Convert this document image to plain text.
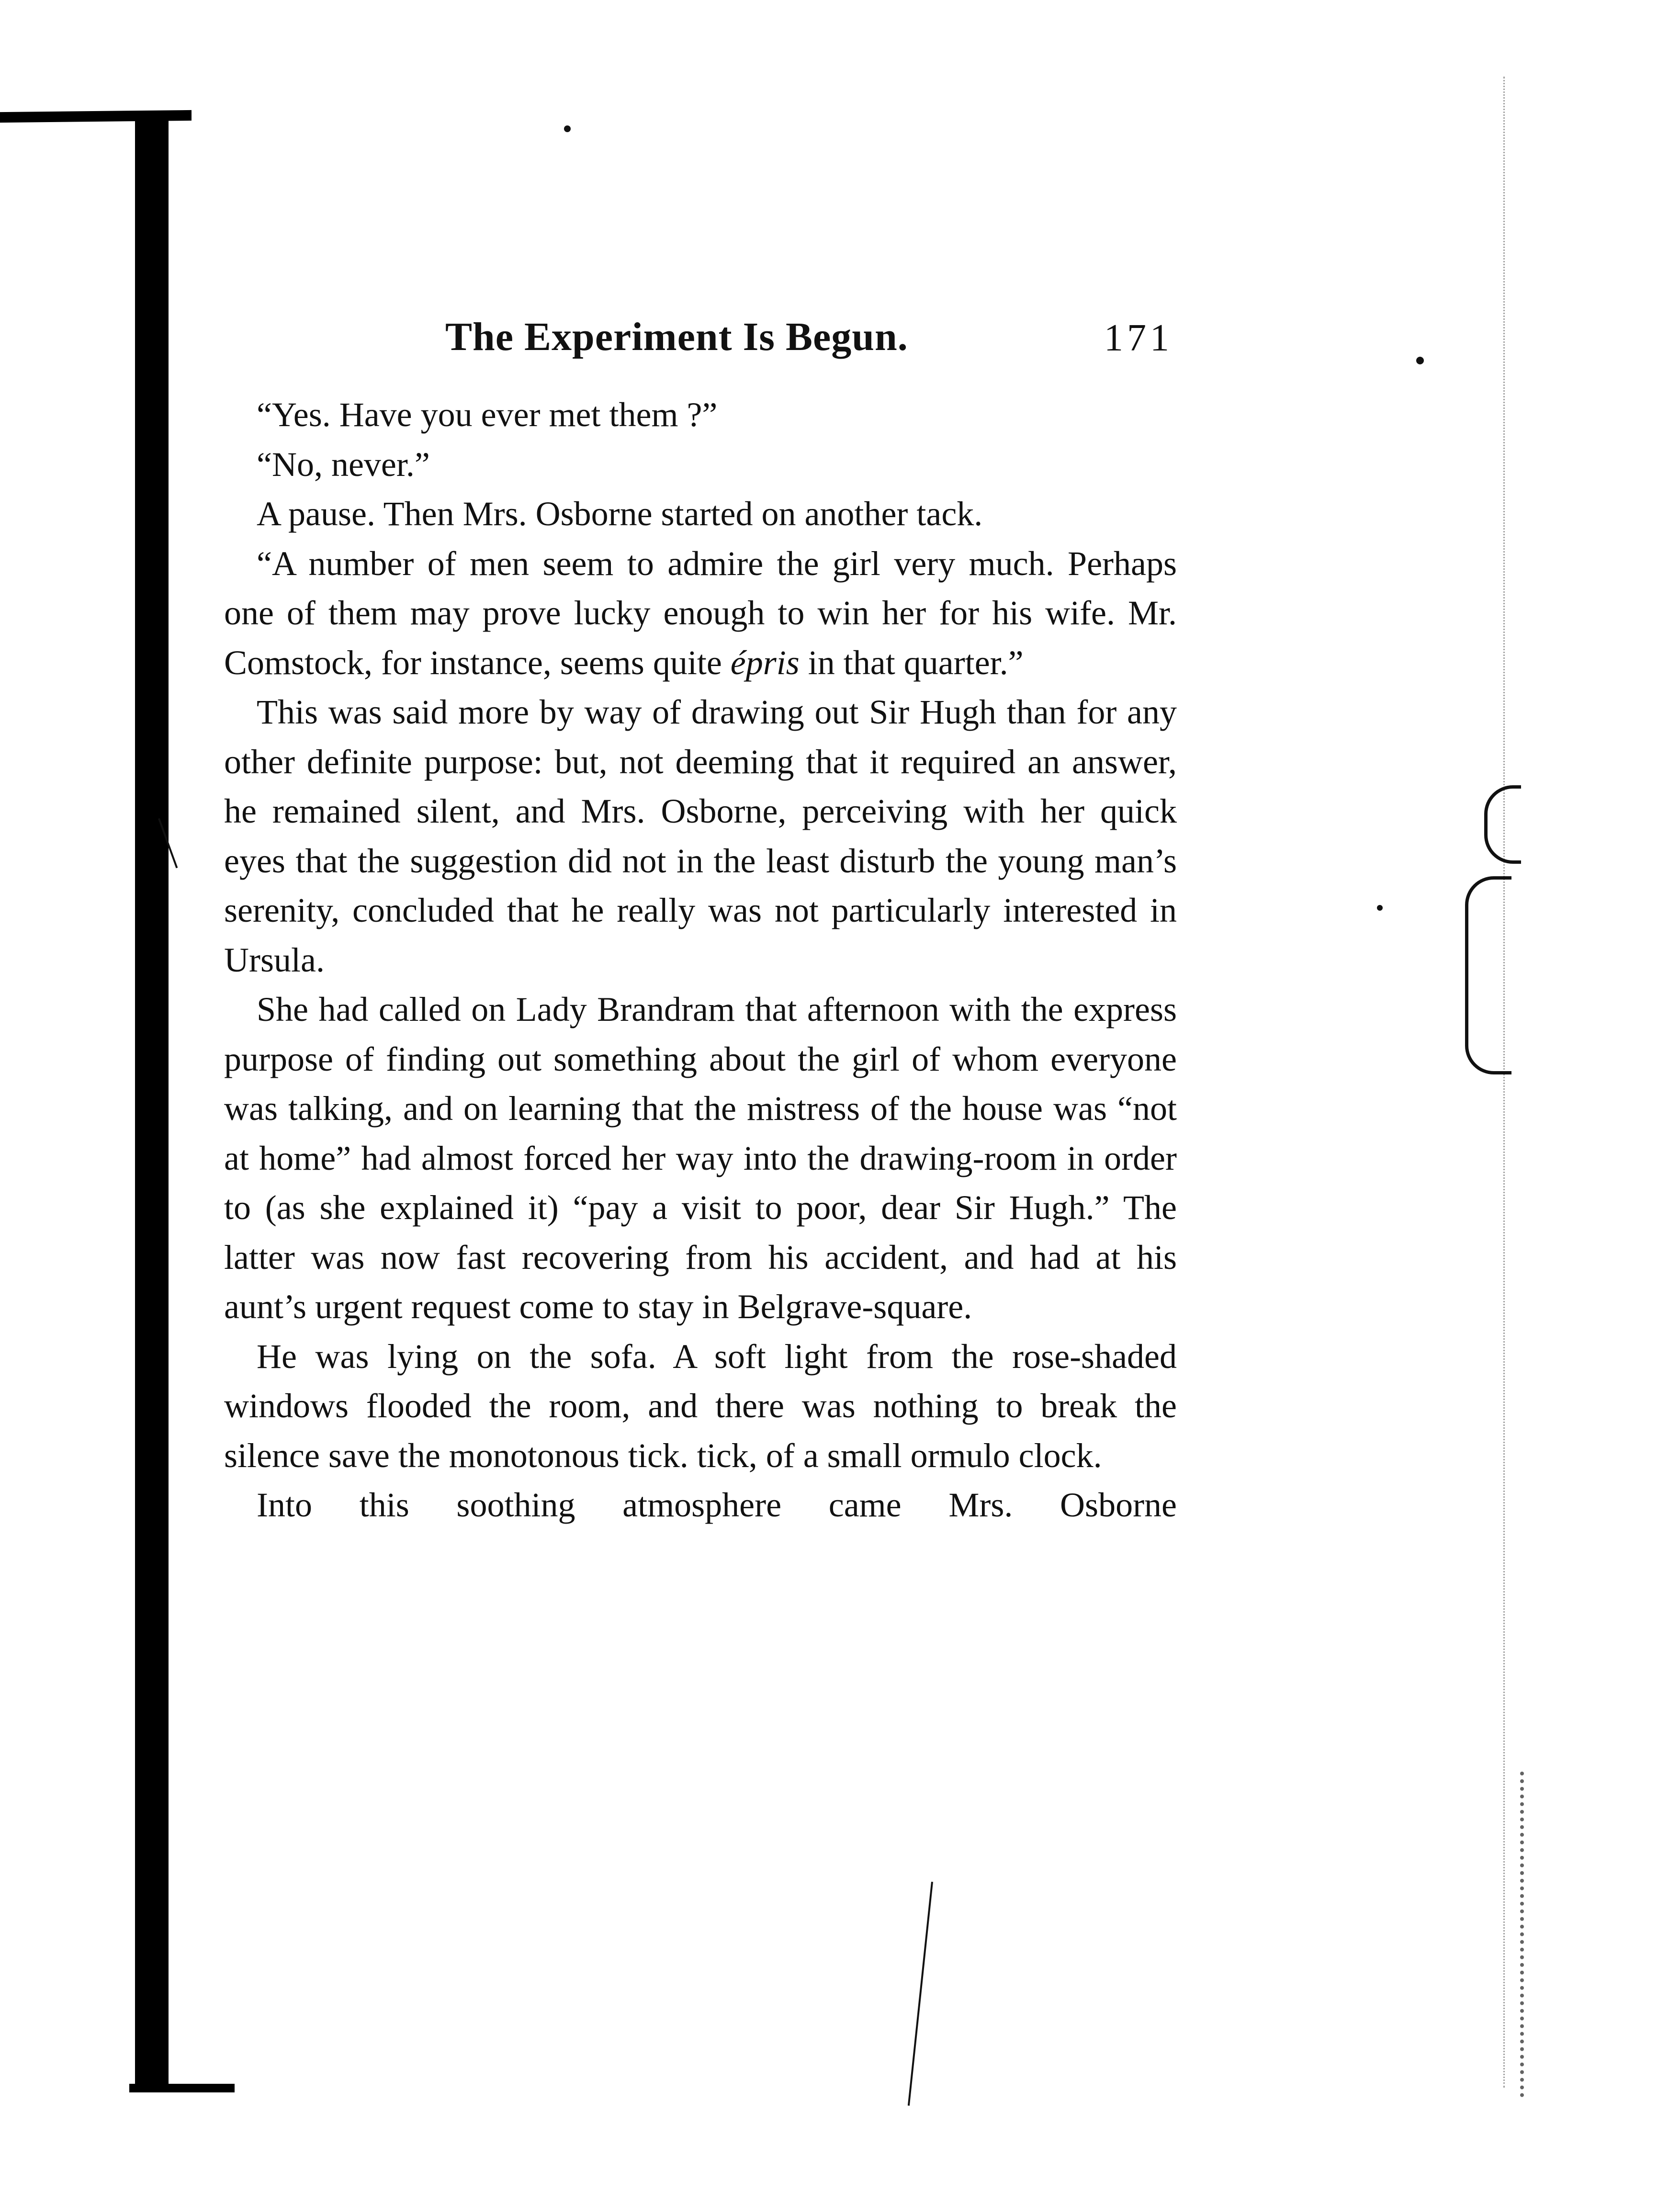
The Experiment Is Begun.	171

“Yes. Have you ever met them ?”

“No, never.”

A pause. Then Mrs. Osborne started on another tack.

“A number of men seem to admire the girl very much. Perhaps one of them may prove lucky enough to win her for his wife. Mr. Comstock, for instance, seems quite épris in that quarter.”

This was said more by way of drawing out Sir Hugh than for any other definite purpose: but, not deeming that it required an answer, he remained silent, and Mrs. Osborne, perceiving with her quick eyes that the suggestion did not in the least disturb the young man’s serenity, concluded that he really was not particularly interested in Ursula.

She had called on Lady Brandram that afternoon with the express purpose of finding out something about the girl of whom everyone was talking, and on learning that the mistress of the house was “not at home” had almost forced her way into the drawing-room in order to (as she explained it) “pay a visit to poor, dear Sir Hugh.” The latter was now fast recovering from his accident, and had at his aunt’s urgent request come to stay in Belgrave-square.

He was lying on the sofa. A soft light from the rose-shaded windows flooded the room, and there was nothing to break the silence save the monotonous tick. tick, of a small ormulo clock.

Into this soothing atmosphere came Mrs. Osborne
